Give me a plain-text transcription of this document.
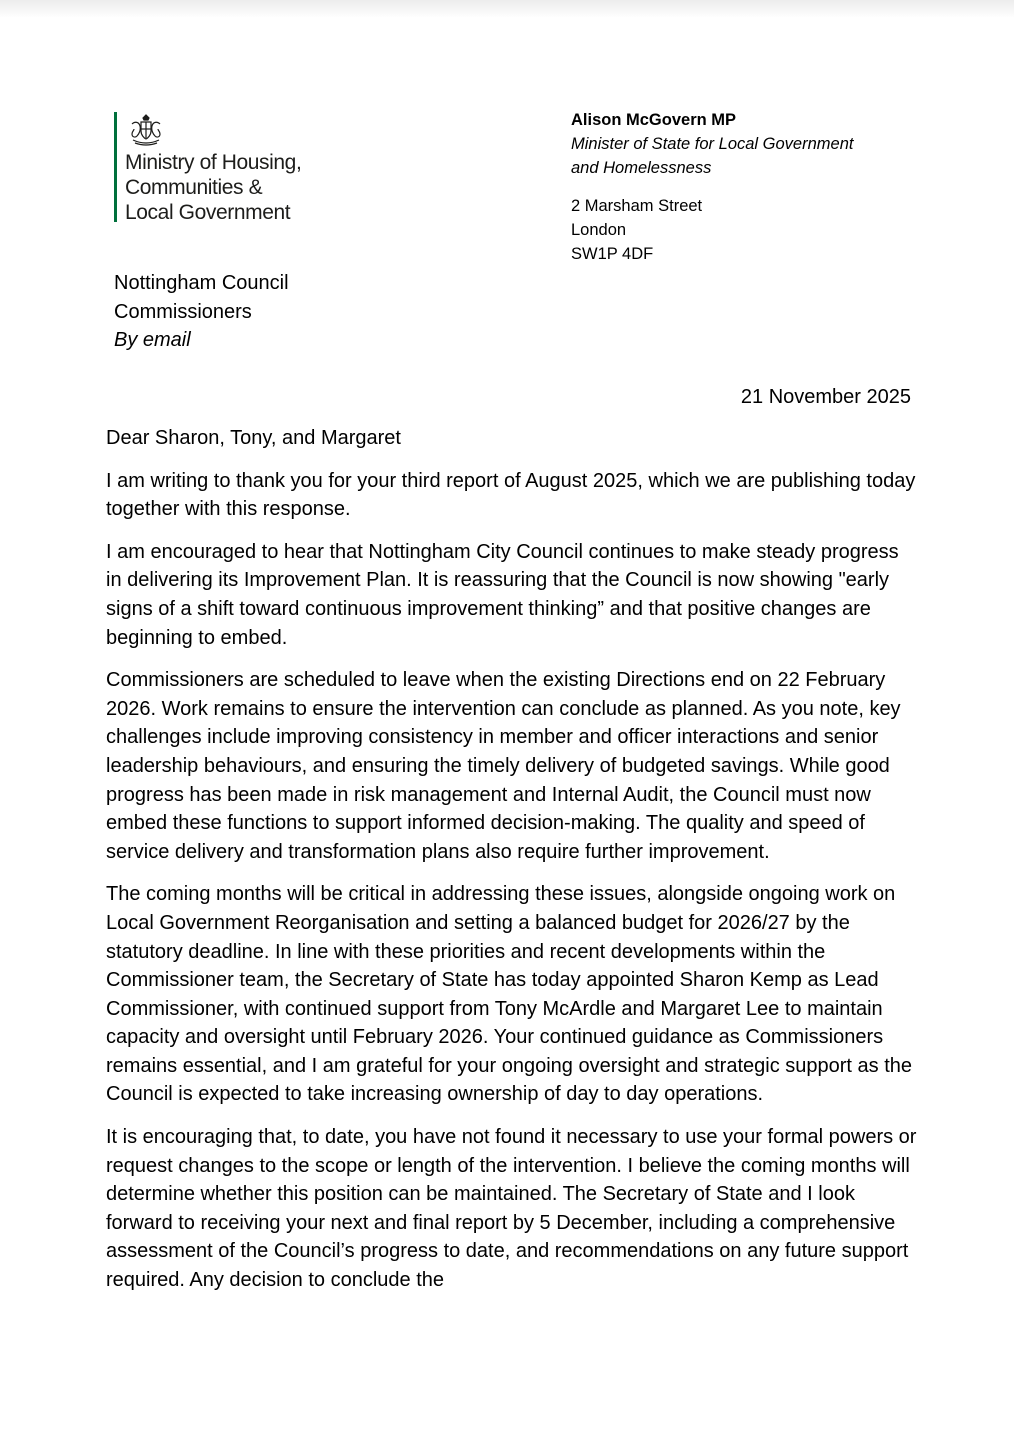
Ministry of Housing,
Communities &
Local Government
Alison McGovern MP
Minister of State for Local Government
and Homelessness
2 Marsham Street
London
SW1P 4DF
Nottingham Council
Commissioners
By email
21 November 2025

Dear Sharon, Tony, and Margaret

I am writing to thank you for your third report of August 2025, which we are publishing today together with this response.

I am encouraged to hear that Nottingham City Council continues to make steady progress in delivering its Improvement Plan. It is reassuring that the Council is now showing "early signs of a shift toward continuous improvement thinking” and that positive changes are beginning to embed.

Commissioners are scheduled to leave when the existing Directions end on 22 February 2026. Work remains to ensure the intervention can conclude as planned. As you note, key challenges include improving consistency in member and officer interactions and senior leadership behaviours, and ensuring the timely delivery of budgeted savings. While good progress has been made in risk management and Internal Audit, the Council must now embed these functions to support informed decision-making. The quality and speed of service delivery and transformation plans also require further improvement.

The coming months will be critical in addressing these issues, alongside ongoing work on Local Government Reorganisation and setting a balanced budget for 2026/27 by the statutory deadline. In line with these priorities and recent developments within the Commissioner team, the Secretary of State has today appointed Sharon Kemp as Lead Commissioner, with continued support from Tony McArdle and Margaret Lee to maintain capacity and oversight until February 2026. Your continued guidance as Commissioners remains essential, and I am grateful for your ongoing oversight and strategic support as the Council is expected to take increasing ownership of day to day operations.

It is encouraging that, to date, you have not found it necessary to use your formal powers or request changes to the scope or length of the intervention. I believe the coming months will determine whether this position can be maintained. The Secretary of State and I look forward to receiving your next and final report by 5 December, including a comprehensive assessment of the Council’s progress to date, and recommendations on any future support required. Any decision to conclude the
